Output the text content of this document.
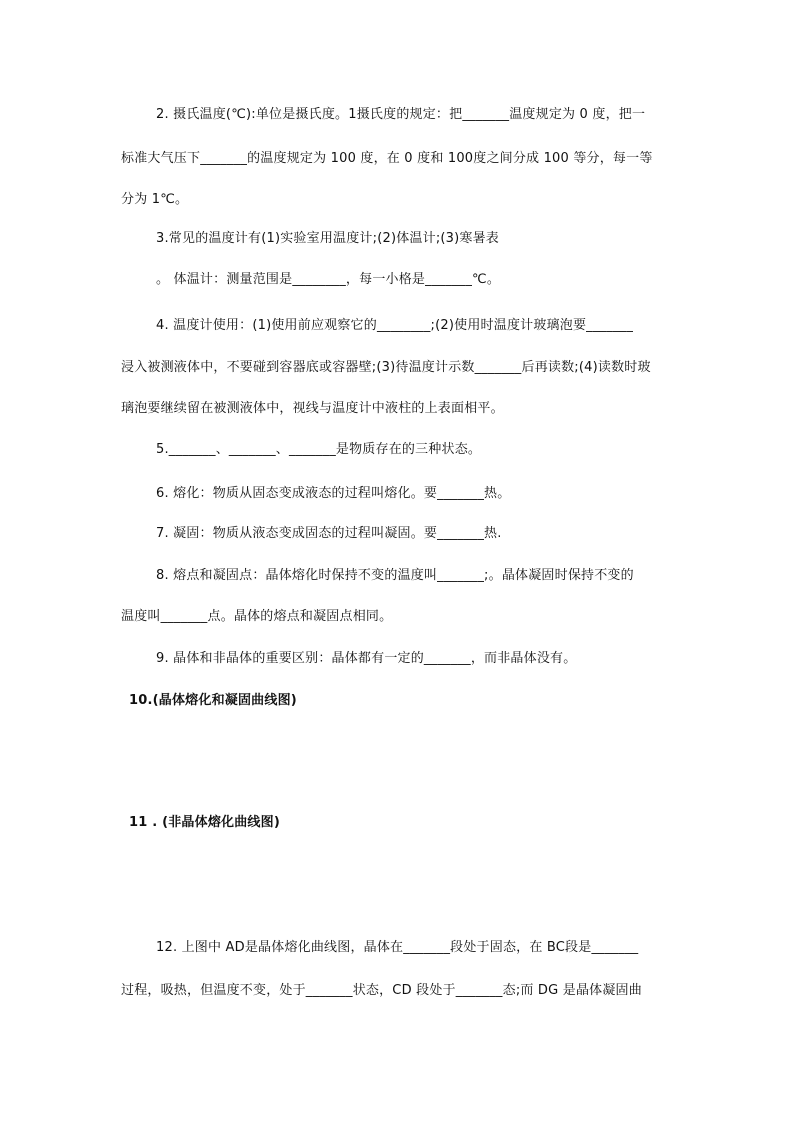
2. 摄氏温度(℃):单位是摄氏度。1摄氏度的规定：把_______温度规定为 0 度，把一
标准大气压下_______的温度规定为 100 度，在 0 度和 100度之间分成 100 等分，每一等
分为 1℃。
3.常见的温度计有(1)实验室用温度计;(2)体温计;(3)寒暑表
。 体温计：测量范围是________，每一小格是_______℃。
4. 温度计使用：(1)使用前应观察它的________;(2)使用时温度计玻璃泡要_______
浸入被测液体中，不要碰到容器底或容器壁;(3)待温度计示数_______后再读数;(4)读数时玻
璃泡要继续留在被测液体中，视线与温度计中液柱的上表面相平。
5._______、_______、_______是物质存在的三种状态。
6. 熔化：物质从固态变成液态的过程叫熔化。要_______热。
7. 凝固：物质从液态变成固态的过程叫凝固。要_______热.
8. 熔点和凝固点：晶体熔化时保持不变的温度叫_______;。晶体凝固时保持不变的
温度叫_______点。晶体的熔点和凝固点相同。
9. 晶体和非晶体的重要区别：晶体都有一定的_______，而非晶体没有。
10.(晶体熔化和凝固曲线图)
11 . (非晶体熔化曲线图)
12. 上图中 AD是晶体熔化曲线图，晶体在_______段处于固态，在 BC段是_______
过程，吸热，但温度不变，处于_______状态，CD 段处于_______态;而 DG 是晶体凝固曲
